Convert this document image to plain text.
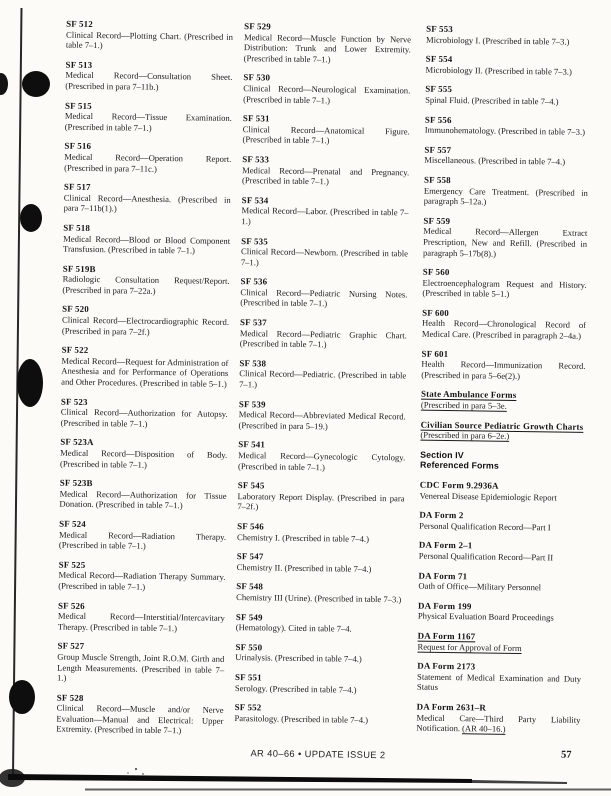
SF 512
Clinical Record—Plotting Chart. (Prescribed in table 7–1.)
SF 513
Medical Record—Consultation Sheet. (Prescribed in para 7–11b.)
SF 515
Medical Record—Tissue Examination. (Prescribed in table 7–1.)
SF 516
Medical Record—Operation Report. (Prescribed in para 7–11c.)
SF 517
Clinical Record—Anesthesia. (Prescribed in para 7–11b(1).)
SF 518
Medical Record—Blood or Blood Component Transfusion. (Prescribed in table 7–1.)
SF 519B
Radiologic Consultation Request/Report. (Prescribed in para 7–22a.)
SF 520
Clinical Record—Electrocardiographic Record. (Prescribed in para 7–2f.)
SF 522
Medical Record—Request for Administration of Anesthesia and for Performance of Operations and Other Procedures. (Prescribed in table 5–1.)
SF 523
Clinical Record—Authorization for Autopsy. (Prescribed in table 7–1.)
SF 523A
Medical Record—Disposition of Body. (Prescribed in table 7–1.)
SF 523B
Medical Record—Authorization for Tissue Donation. (Prescribed in table 7–1.)
SF 524
Medical Record—Radiation Therapy. (Prescribed in table 7–1.)
SF 525
Medical Record—Radiation Therapy Summary. (Prescribed in table 7–1.)
SF 526
Medical Record—Interstitial/Intercavitary Therapy. (Prescribed in table 7–1.)
SF 527
Group Muscle Strength, Joint R.O.M. Girth and Length Measurements. (Prescribed in table 7–1.)
SF 528
Clinical Record—Muscle and/or Nerve Evaluation—Manual and Electrical: Upper Extremity. (Prescribed in table 7–1.)
SF 529
Medical Record—Muscle Function by Nerve Distribution: Trunk and Lower Extremity. (Prescribed in table 7–1.)
SF 530
Clinical Record—Neurological Examination. (Prescribed in table 7–1.)
SF 531
Clinical Record—Anatomical Figure. (Prescribed in table 7–1.)
SF 533
Medical Record—Prenatal and Pregnancy. (Prescribed in table 7–1.)
SF 534
Medical Record—Labor. (Prescribed in table 7–1.)
SF 535
Clinical Record—Newborn. (Prescribed in table 7–1.)
SF 536
Clinical Record—Pediatric Nursing Notes. (Prescribed in table 7–1.)
SF 537
Medical Record—Pediatric Graphic Chart. (Prescribed in table 7–1.)
SF 538
Clinical Record—Pediatric. (Prescribed in table 7–1.)
SF 539
Medical Record—Abbreviated Medical Record. (Prescribed in para 5–19.)
SF 541
Medical Record—Gynecologic Cytology. (Prescribed in table 7–1.)
SF 545
Laboratory Report Display. (Prescribed in para 7–2f.)
SF 546
Chemistry I. (Prescribed in table 7–4.)
SF 547
Chemistry II. (Prescribed in table 7–4.)
SF 548
Chemistry III (Urine). (Prescribed in table 7–3.)
SF 549
(Hematology). Cited in table 7–4.
SF 550
Urinalysis. (Prescribed in table 7–4.)
SF 551
Serology. (Prescribed in table 7–4.)
SF 552
Parasitology. (Prescribed in table 7–4.)
SF 553
Microbiology I. (Prescribed in table 7–3.)
SF 554
Microbiology II. (Prescribed in table 7–3.)
SF 555
Spinal Fluid. (Prescribed in table 7–4.)
SF 556
Immunohematology. (Prescribed in table 7–3.)
SF 557
Miscellaneous. (Prescribed in table 7–4.)
SF 558
Emergency Care Treatment. (Prescribed in paragraph 5–12a.)
SF 559
Medical Record—Allergen Extract Prescription, New and Refill. (Prescribed in paragraph 5–17b(8).)
SF 560
Electroencephalogram Request and History. (Prescribed in table 5–1.)
SF 600
Health Record—Chronological Record of Medical Care. (Prescribed in paragraph 2–4a.)
SF 601
Health Record—Immunization Record. (Prescribed in para 5–6e(2).)
State Ambulance Forms
(Prescribed in para 5–3e.
Civilian Source Pediatric Growth Charts
(Prescribed in para 6–2e.)
Section IV
Referenced Forms
CDC Form 9.2936A
Venereal Disease Epidemiologic Report
DA Form 2
Personal Qualification Record—Part I
DA Form 2–1
Personal Qualification Record—Part II
DA Form 71
Oath of Office—Military Personnel
DA Form 199
Physical Evaluation Board Proceedings
DA Form 1167
Request for Approval of Form
DA Form 2173
Statement of Medical Examination and Duty Status
DA Form 2631–R
Medical Care—Third Party Liability Notification. (AR 40–16.)
AR 40–66 • UPDATE ISSUE 2	57
